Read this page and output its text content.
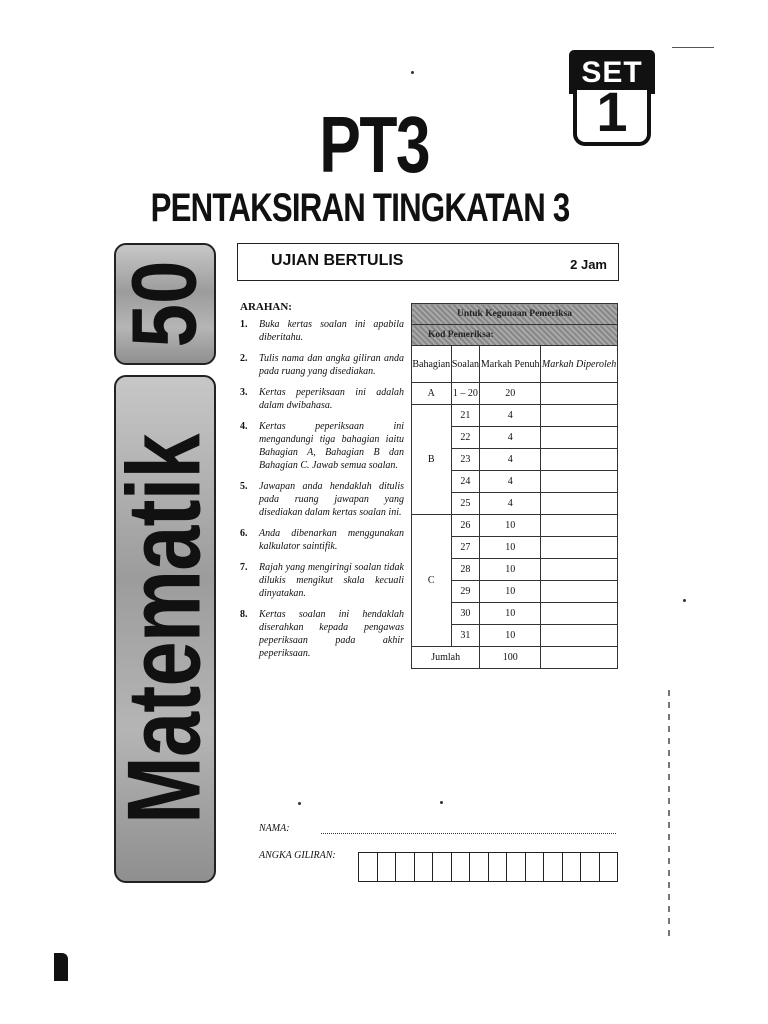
SET
1
PT3
PENTAKSIRAN TINGKATAN 3
50
Matematik
UJIAN BERTULIS	2 Jam
ARAHAN:
1. Buka kertas soalan ini apabila diberitahu.
2. Tulis nama dan angka giliran anda pada ruang yang disediakan.
3. Kertas peperiksaan ini adalah dalam dwibahasa.
4. Kertas peperiksaan ini mengandungi tiga bahagian iaitu Bahagian A, Bahagian B dan Bahagian C. Jawab semua soalan.
5. Jawapan anda hendaklah ditulis pada ruang jawapan yang disediakan dalam kertas soalan ini.
6. Anda dibenarkan menggunakan kalkulator saintifik.
7. Rajah yang mengiringi soalan tidak dilukis mengikut skala kecuali dinyatakan.
8. Kertas soalan ini hendaklah diserahkan kepada pengawas peperiksaan pada akhir peperiksaan.
Untuk Kegunaan Pemeriksa			
Kod Pemeriksa:			
Bahagian	Soalan	Markah Penuh	Markah Diperoleh
A	1 – 20	20	
B	21	4	
	22	4	
	23	4	
	24	4	
	25	4	
C	26	10	
	27	10	
	28	10	
	29	10	
	30	10	
	31	10	
Jumlah		100	
NAMA:
ANGKA GILIRAN:
